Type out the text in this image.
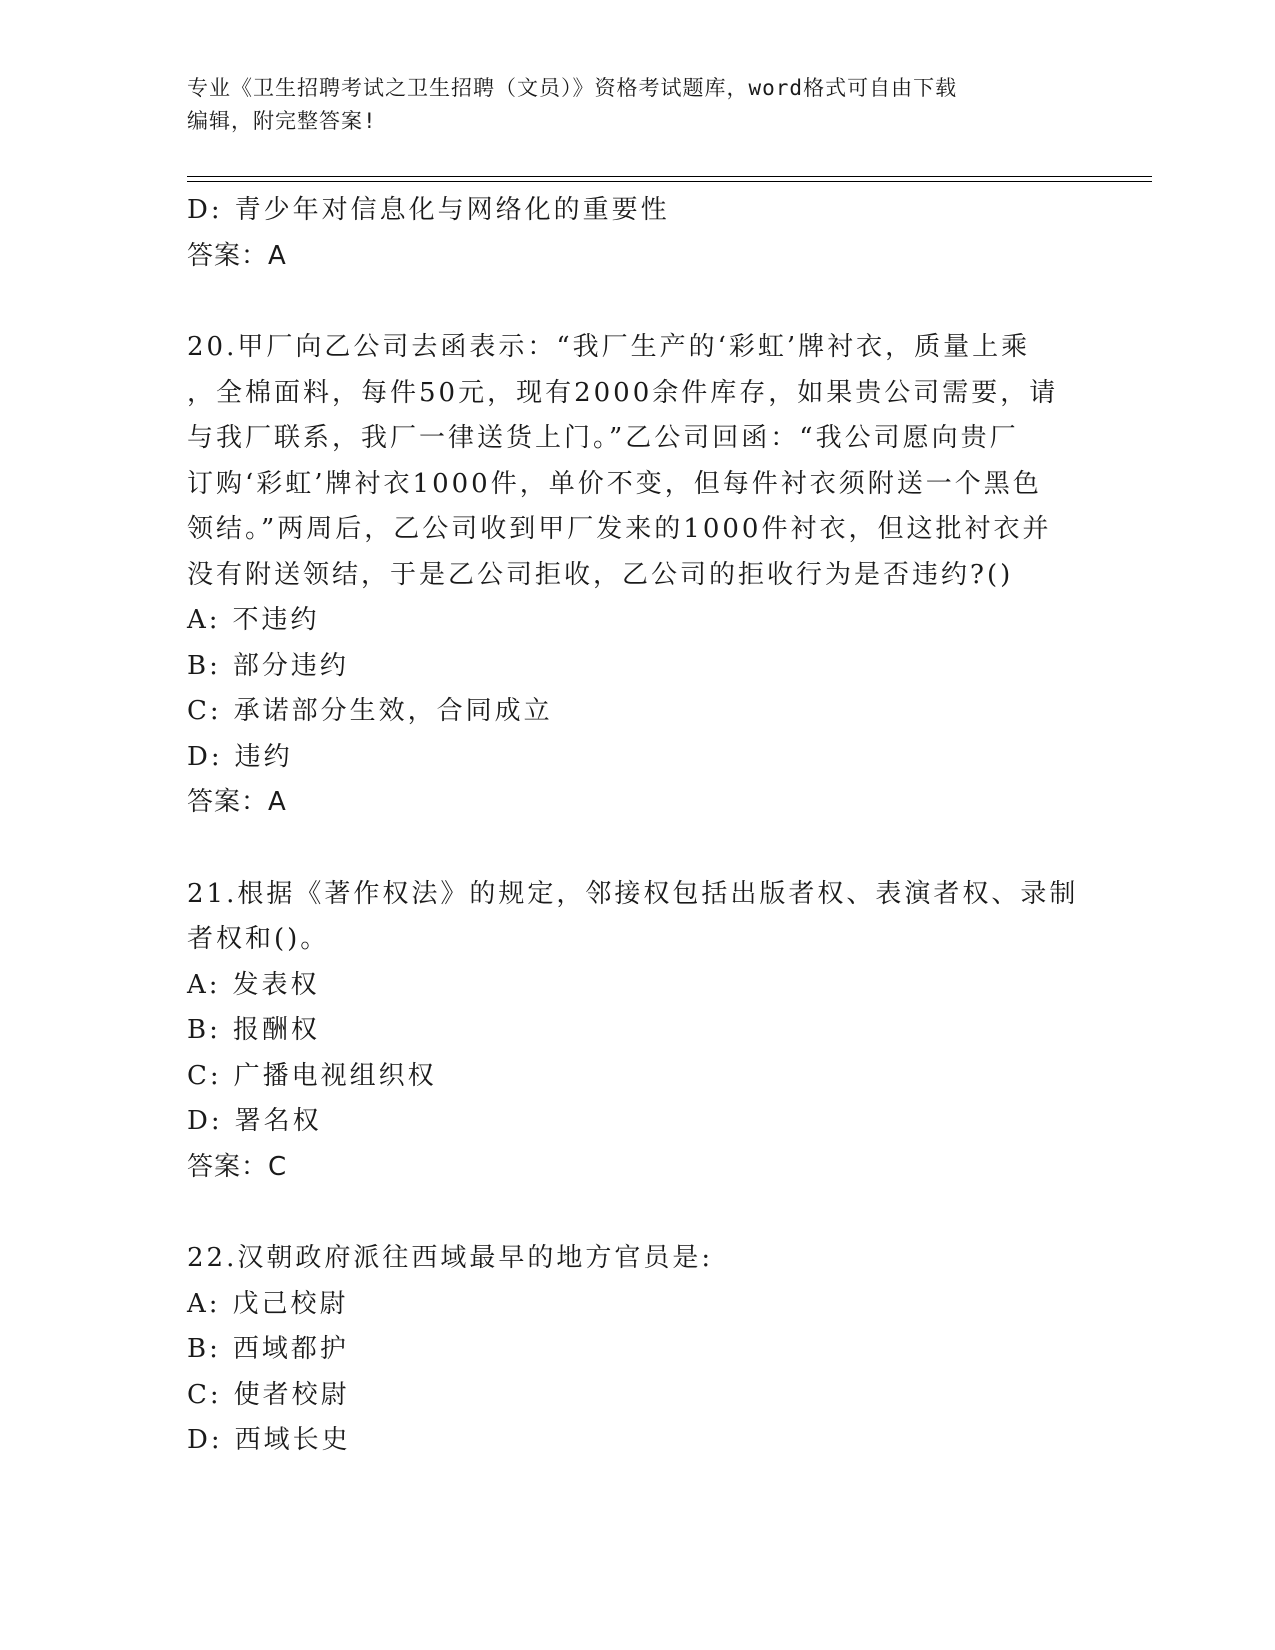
专业《卫生招聘考试之卫生招聘（文员）》资格考试题库，word格式可自由下载
编辑，附完整答案!
D: 青少年对信息化与网络化的重要性
答案：A
20.甲厂向乙公司去函表示：“我厂生产的‘彩虹’牌衬衣，质量上乘
，全棉面料，每件50元，现有2000余件库存，如果贵公司需要，请
与我厂联系，我厂一律送货上门。”乙公司回函：“我公司愿向贵厂
订购‘彩虹’牌衬衣1000件，单价不变，但每件衬衣须附送一个黑色
领结。”两周后，乙公司收到甲厂发来的1000件衬衣，但这批衬衣并
没有附送领结，于是乙公司拒收，乙公司的拒收行为是否违约?()
A: 不违约
B: 部分违约
C: 承诺部分生效，合同成立
D: 违约
答案：A
21.根据《著作权法》的规定，邻接权包括出版者权、表演者权、录制
者权和()。
A: 发表权
B: 报酬权
C: 广播电视组织权
D: 署名权
答案：C
22.汉朝政府派往西域最早的地方官员是:
A: 戊己校尉
B: 西域都护
C: 使者校尉
D: 西域长史
